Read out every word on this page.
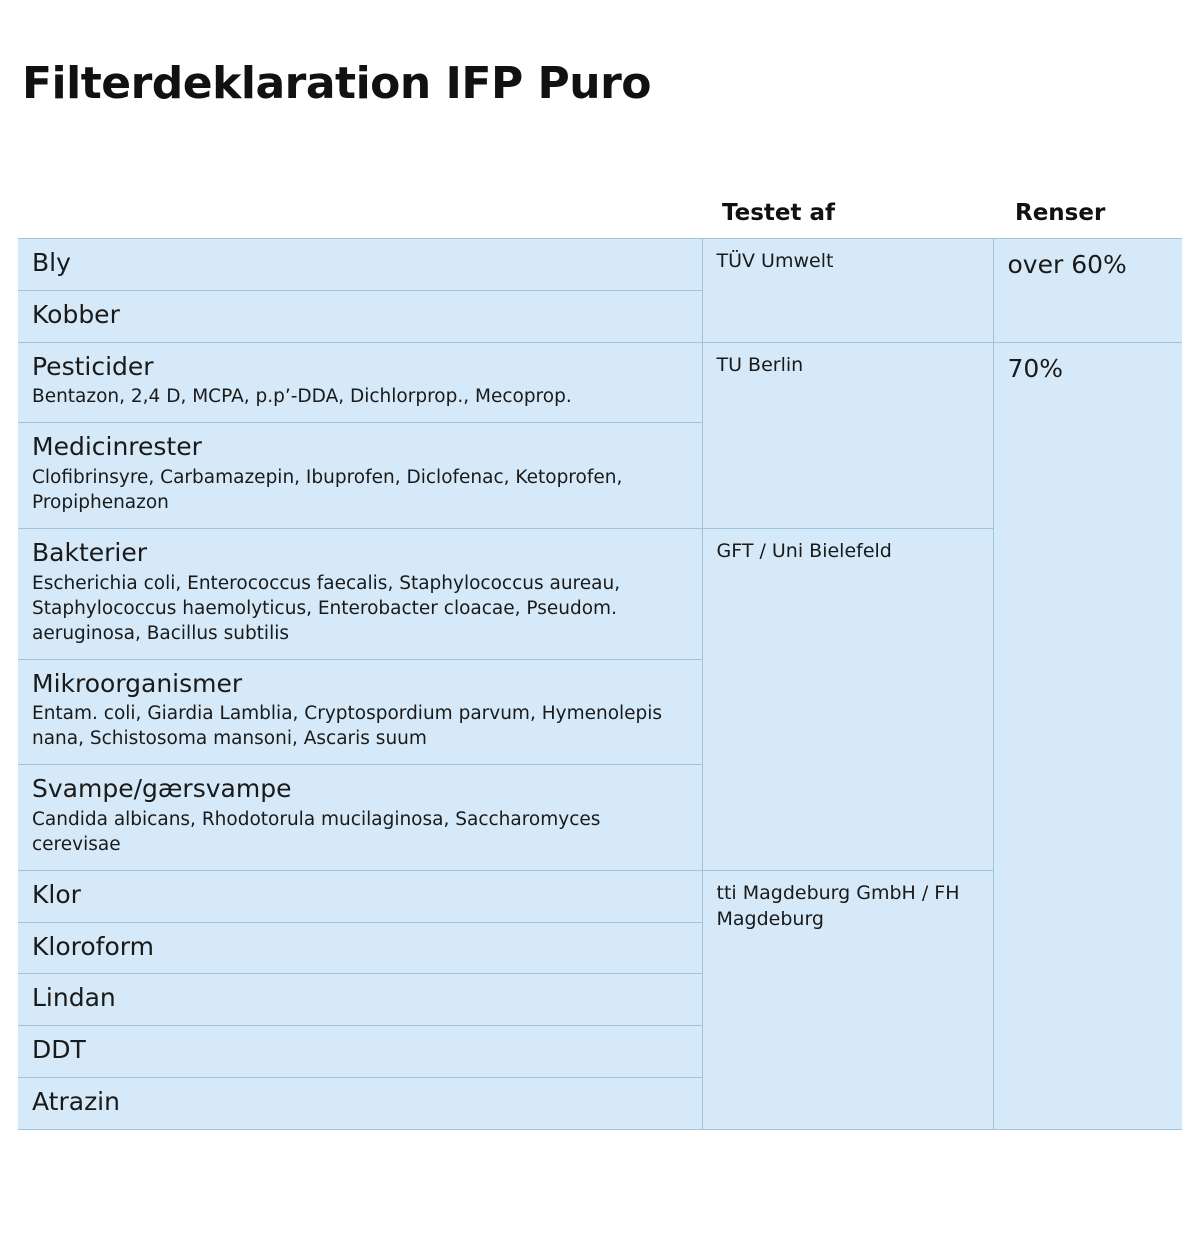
Filterdeklaration IFP Puro
	Testet af	Renser

Bly	TÜV Umwelt	over 60%

Kobber		

Pesticider
Bentazon, 2,4 D, MCPA, p.p’-DDA, Dichlorprop., Mecoprop.	TU Berlin	70%

Medicinrester
Clofibrinsyre, Carbamazepin, Ibuprofen, Diclofenac, Ketoprofen, Propiphenazon		

Bakterier
Escherichia coli, Enterococcus faecalis, Staphylococcus aureau, Staphylococcus haemolyticus, Enterobacter cloacae, Pseudom. aeruginosa, Bacillus subtilis	GFT / Uni Bielefeld	

Mikroorganismer
Entam. coli, Giardia Lamblia, Cryptospordium parvum, Hymenolepis nana, Schistosoma mansoni, Ascaris suum		

Svampe/gærsvampe
Candida albicans, Rhodotorula mucilaginosa, Saccharomyces cerevisae		

Klor	tti Magdeburg GmbH / FH Magdeburg	

Kloroform		

Lindan		

DDT		

Atrazin		
